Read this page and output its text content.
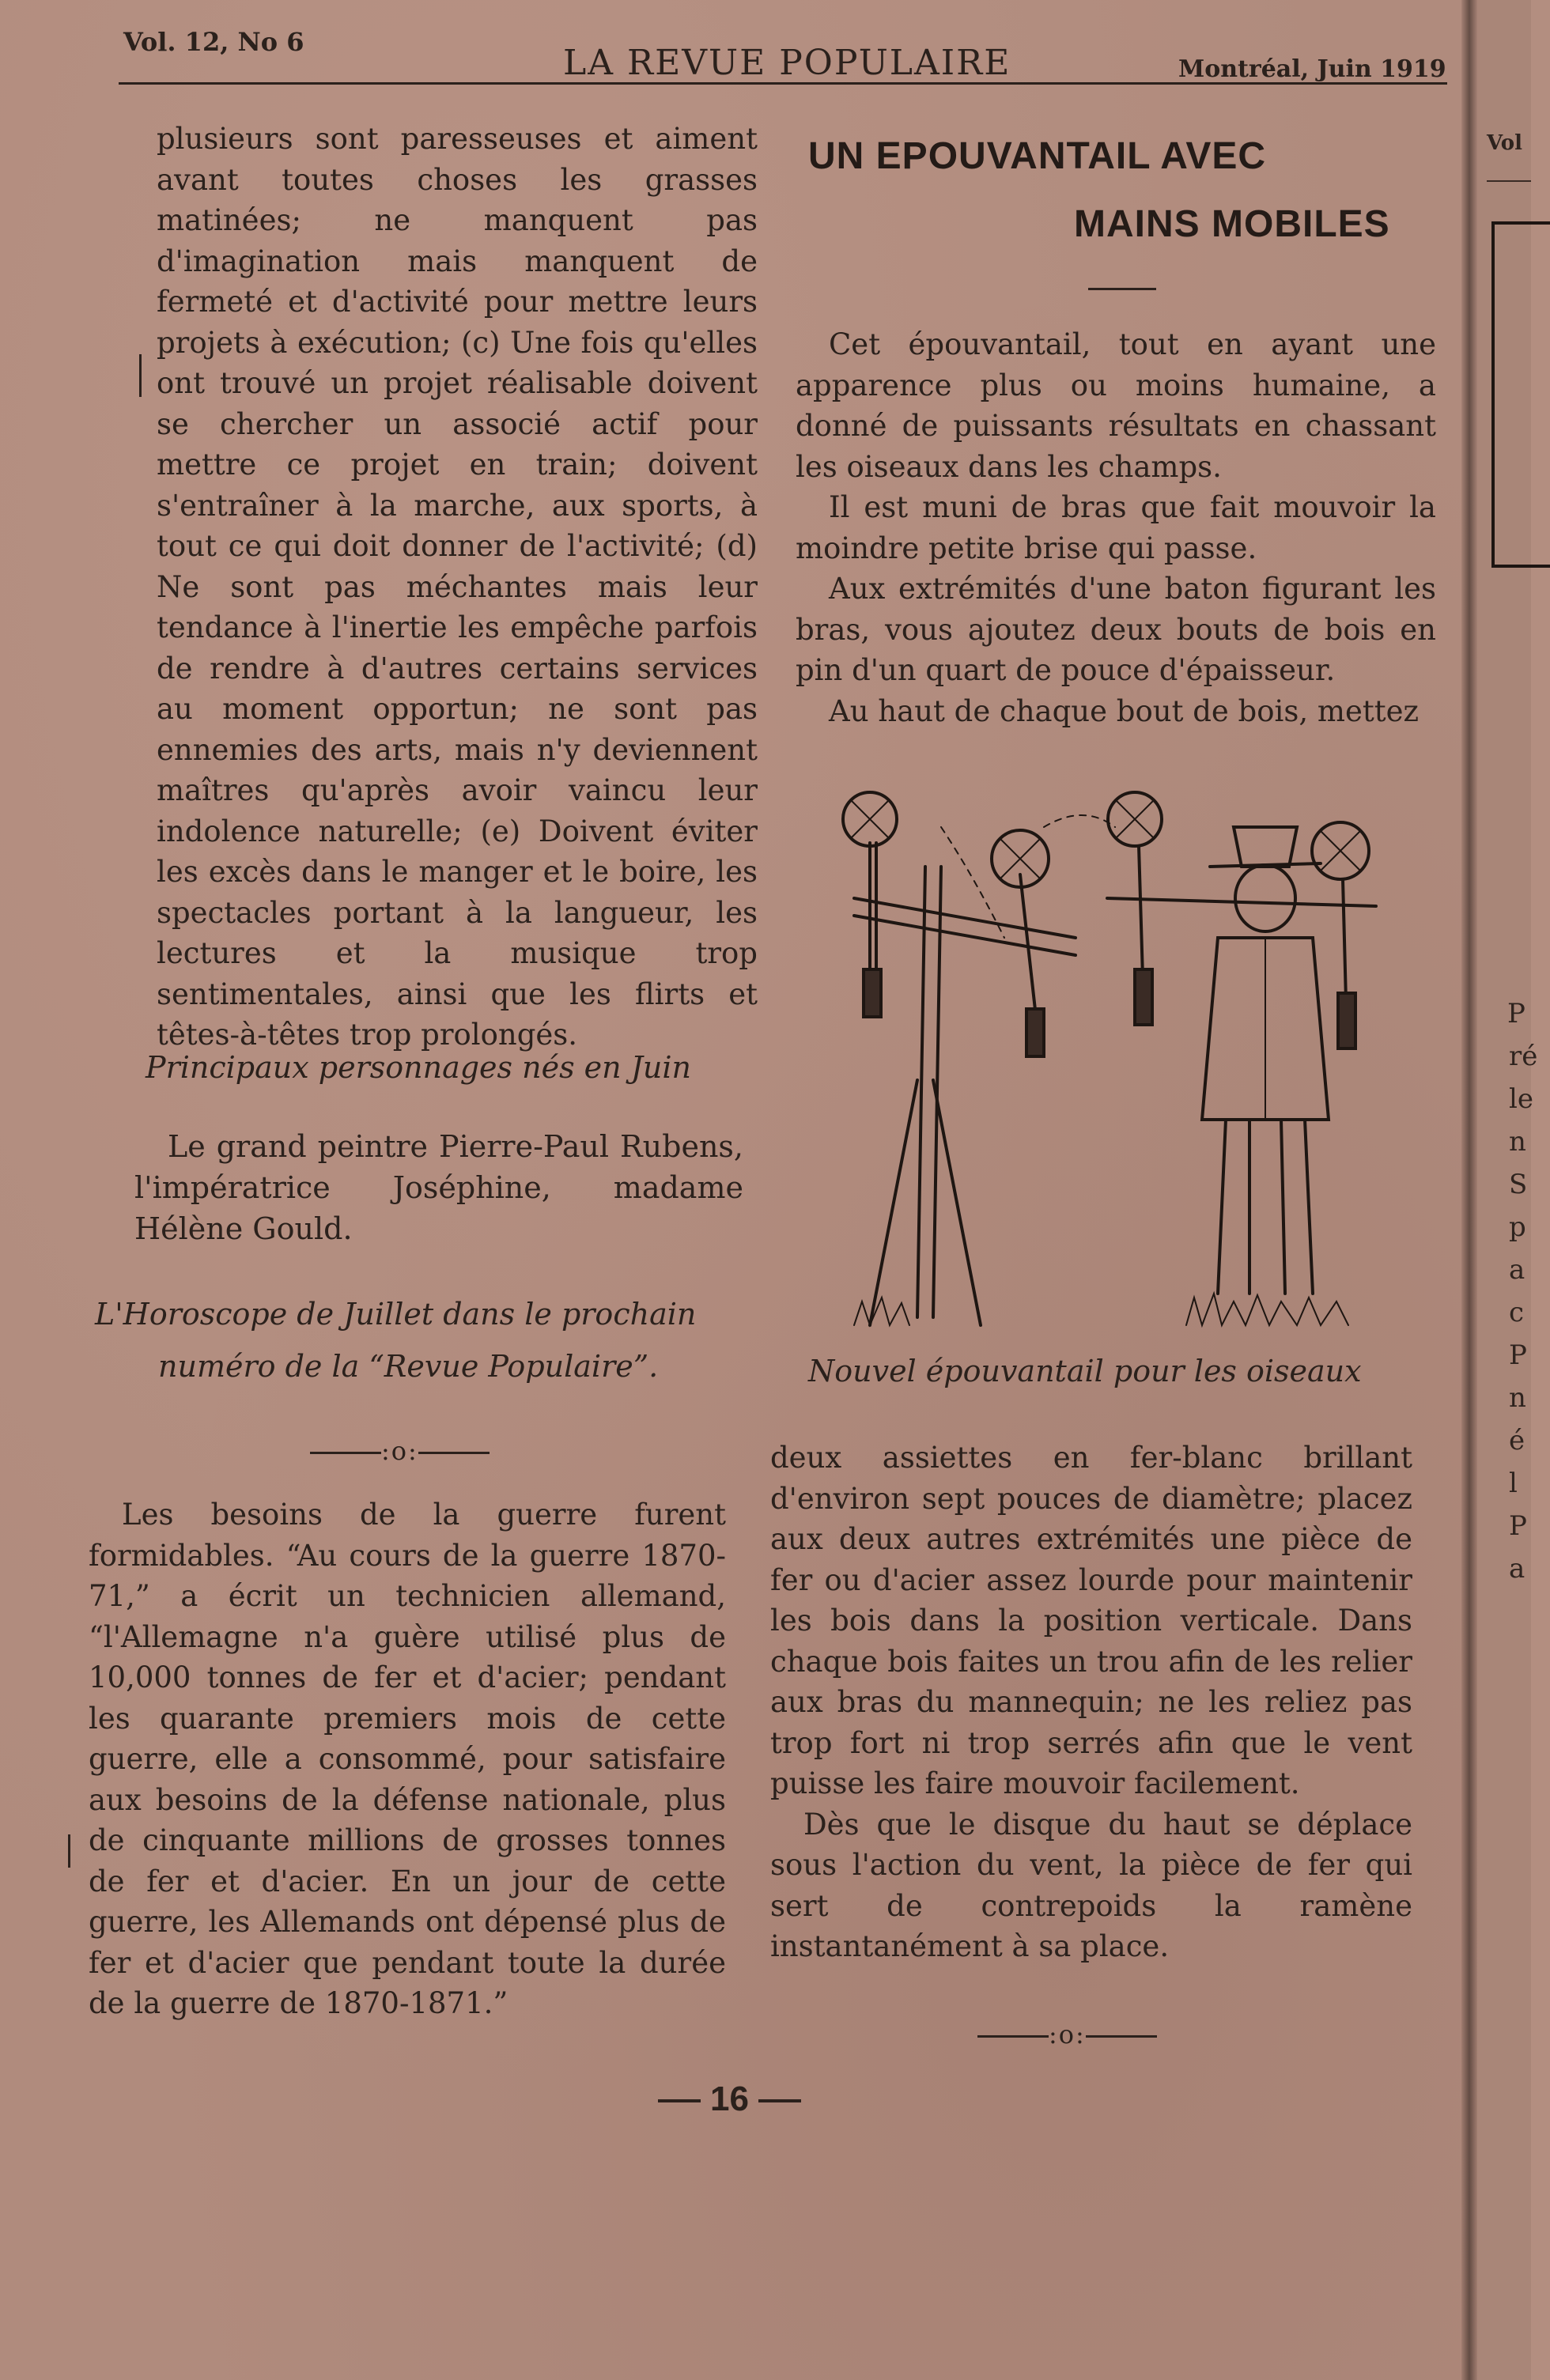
Vol
P
ré
le
n
S
p
a
c
P
n
é
l
P
a
Vol. 12, No 6
LA REVUE POPULAIRE	Montréal, Juin 1919

plusieurs sont paresseuses et aiment avant toutes choses les grasses matinées; ne manquent pas d'imagination mais manquent de fermeté et d'activité pour mettre leurs projets à exécution; (c) Une fois qu'elles ont trouvé un projet réalisable doivent se chercher un associé actif pour mettre ce projet en train; doivent s'entraîner à la marche, aux sports, à tout ce qui doit donner de l'activité; (d) Ne sont pas méchantes mais leur tendance à l'inertie les empêche parfois de rendre à d'autres certains services au moment opportun; ne sont pas ennemies des arts, mais n'y deviennent maîtres qu'après avoir vaincu leur indolence naturelle; (e) Doivent éviter les excès dans le manger et le boire, les spectacles portant à la langueur, les lectures et la musique trop sentimentales, ainsi que les flirts et têtes-à-têtes trop prolongés.

Principaux personnages nés en Juin

Le grand peintre Pierre-Paul Rubens, l'impératrice Joséphine, madame Hélène Gould.

L'Horoscope de Juillet dans le prochain
numéro de la “Revue Populaire”.
:o:

Les besoins de la guerre furent formidables. “Au cours de la guerre 1870-71,” a écrit un technicien allemand, “l'Allemagne n'a guère utilisé plus de 10,000 tonnes de fer et d'acier; pendant les quarante premiers mois de cette guerre, elle a consommé, pour satisfaire aux besoins de la défense nationale, plus de cinquante millions de grosses tonnes de fer et d'acier. En un jour de cette guerre, les Allemands ont dépensé plus de fer et d'acier que pendant toute la durée de la guerre de 1870-1871.”

UN EPOUVANTAIL AVEC
MAINS MOBILES

Cet épouvantail, tout en ayant une apparence plus ou moins humaine, a donné de puissants résultats en chassant les oiseaux dans les champs.

Il est muni de bras que fait mouvoir la moindre petite brise qui passe.

Aux extrémités d'une baton figurant les bras, vous ajoutez deux bouts de bois en pin d'un quart de pouce d'épaisseur.

Au haut de chaque bout de bois, mettez

Nouvel épouvantail pour les oiseaux

deux assiettes en fer-blanc brillant d'environ sept pouces de diamètre; placez aux deux autres extrémités une pièce de fer ou d'acier assez lourde pour maintenir les bois dans la position verticale. Dans chaque bois faites un trou afin de les relier aux bras du mannequin; ne les reliez pas trop fort ni trop serrés afin que le vent puisse les faire mouvoir facilement.

Dès que le disque du haut se déplace sous l'action du vent, la pièce de fer qui sert de contrepoids la ramène instantanément à sa place.

:o:
16
